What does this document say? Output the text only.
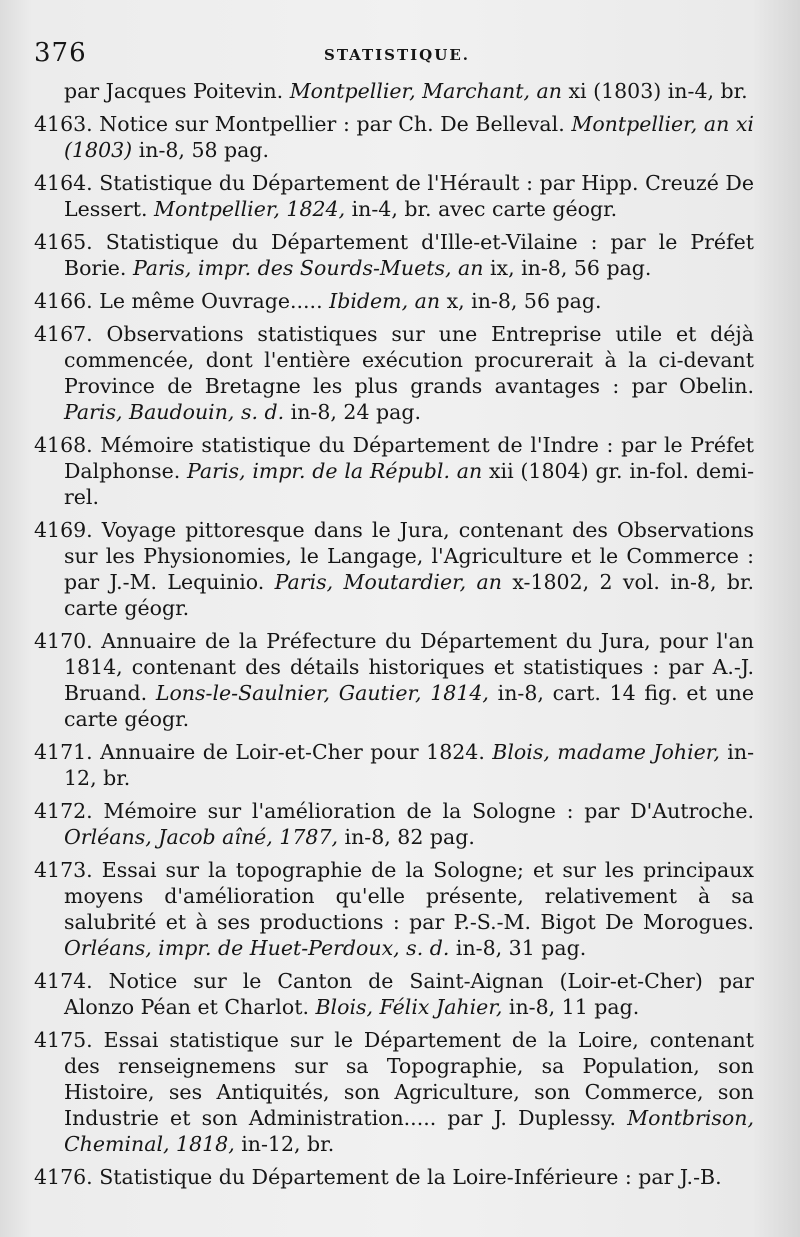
376	STATISTIQUE.

par Jacques Poitevin. Montpellier, Marchant, an xi (1803) in-4, br.

4163. Notice sur Montpellier : par Ch. De Belleval. Montpellier, an xi (1803) in-8, 58 pag.

4164. Statistique du Département de l'Hérault : par Hipp. Creuzé De Lessert. Montpellier, 1824, in-4, br. avec carte géogr.

4165. Statistique du Département d'Ille-et-Vilaine : par le Préfet Borie. Paris, impr. des Sourds-Muets, an ix, in-8, 56 pag.

4166. Le même Ouvrage..... Ibidem, an x, in-8, 56 pag.

4167. Observations statistiques sur une Entreprise utile et déjà commencée, dont l'entière exécution procurerait à la ci-devant Province de Bretagne les plus grands avantages : par Obelin. Paris, Baudouin, s. d. in-8, 24 pag.

4168. Mémoire statistique du Département de l'Indre : par le Préfet Dalphonse. Paris, impr. de la Républ. an xii (1804) gr. in-fol. demi-rel.

4169. Voyage pittoresque dans le Jura, contenant des Observations sur les Physionomies, le Langage, l'Agriculture et le Commerce : par J.-M. Lequinio. Paris, Moutardier, an x-1802, 2 vol. in-8, br. carte géogr.

4170. Annuaire de la Préfecture du Département du Jura, pour l'an 1814, contenant des détails historiques et statistiques : par A.-J. Bruand. Lons-le-Saulnier, Gautier, 1814, in-8, cart. 14 fig. et une carte géogr.

4171. Annuaire de Loir-et-Cher pour 1824. Blois, madame Johier, in-12, br.

4172. Mémoire sur l'amélioration de la Sologne : par D'Autroche. Orléans, Jacob aîné, 1787, in-8, 82 pag.

4173. Essai sur la topographie de la Sologne; et sur les principaux moyens d'amélioration qu'elle présente, relativement à sa salubrité et à ses productions : par P.-S.-M. Bigot De Morogues. Orléans, impr. de Huet-Perdoux, s. d. in-8, 31 pag.

4174. Notice sur le Canton de Saint-Aignan (Loir-et-Cher) par Alonzo Péan et Charlot. Blois, Félix Jahier, in-8, 11 pag.

4175. Essai statistique sur le Département de la Loire, contenant des renseignemens sur sa Topographie, sa Population, son Histoire, ses Antiquités, son Agriculture, son Commerce, son Industrie et son Administration..... par J. Duplessy. Montbrison, Cheminal, 1818, in-12, br.

4176. Statistique du Département de la Loire-Inférieure : par J.-B.
